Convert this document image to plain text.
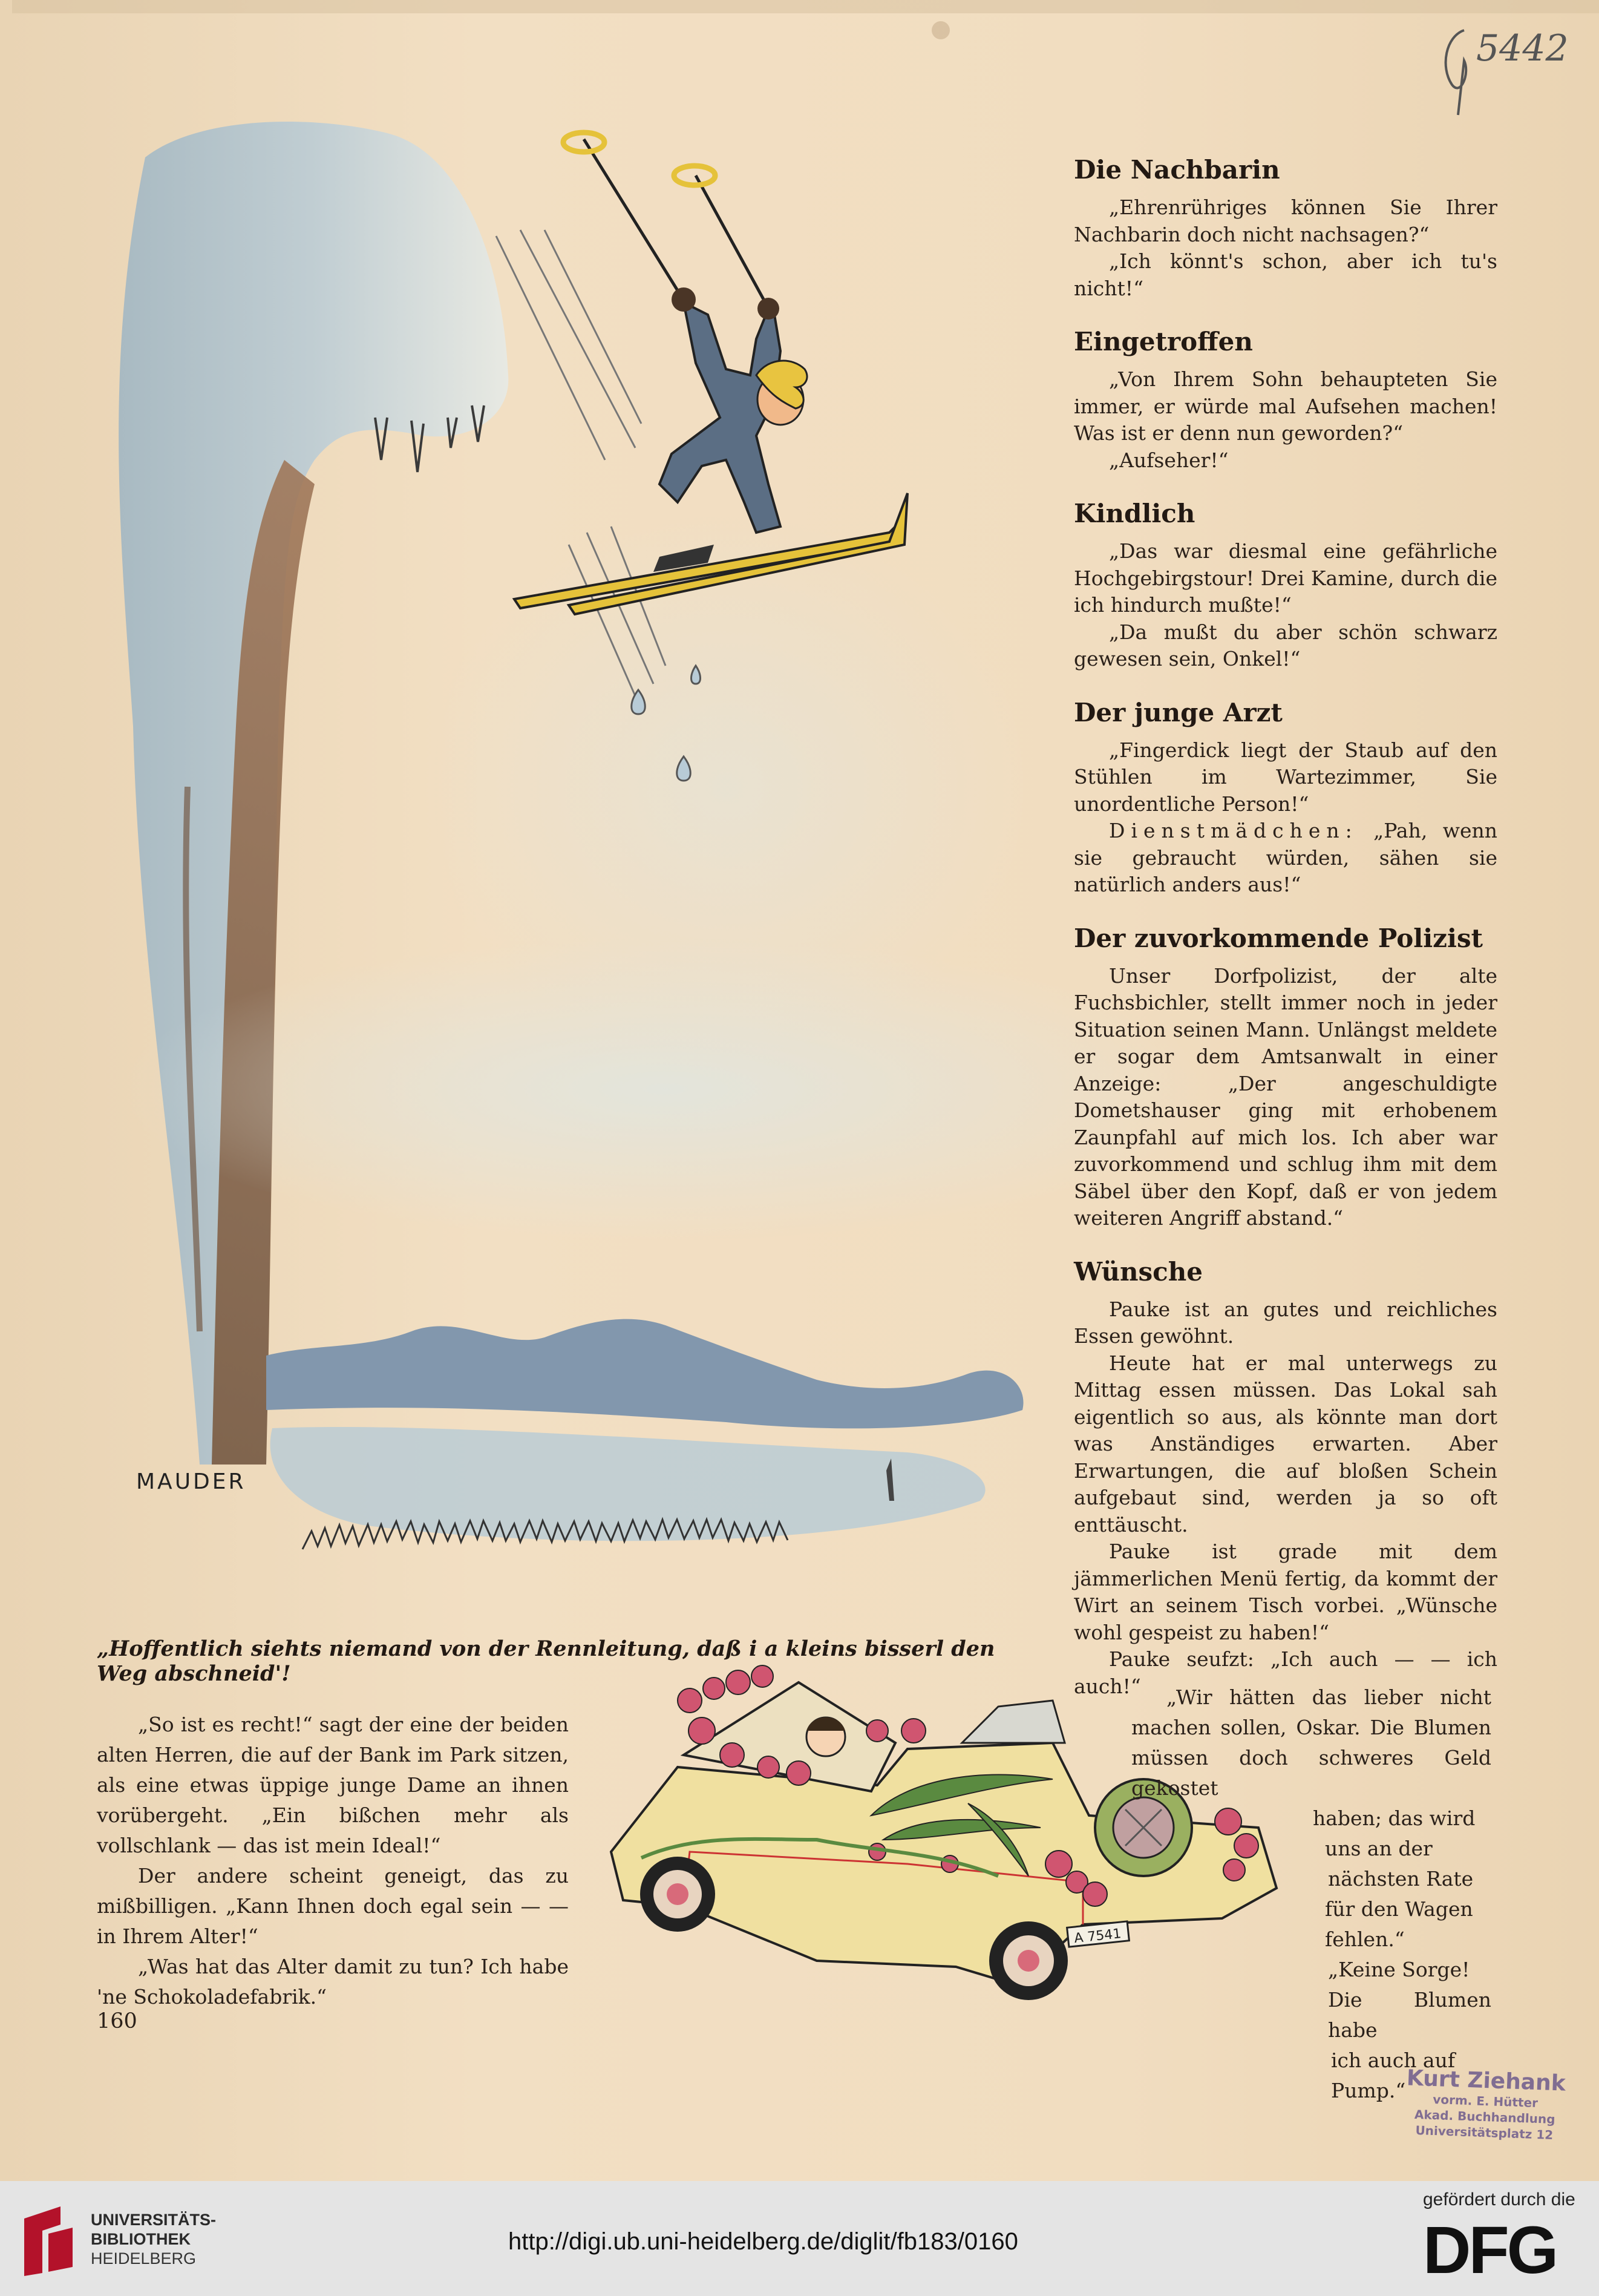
5442
MAUDER
Die Nachbarin

„Ehrenrühriges können Sie Ihrer Nachbarin doch nicht nachsagen?“

„Ich könnt's schon, aber ich tu's nicht!“

Eingetroffen

„Von Ihrem Sohn behaupteten Sie immer, er würde mal Aufsehen machen! Was ist er denn nun geworden?“

„Aufseher!“

Kindlich

„Das war diesmal eine gefährliche Hochgebirgstour! Drei Kamine, durch die ich hindurch mußte!“

„Da mußt du aber schön schwarz gewesen sein, Onkel!“

Der junge Arzt

„Fingerdick liegt der Staub auf den Stühlen im Wartezimmer, Sie unordentliche Person!“

Dienstmädchen: „Pah, wenn sie gebraucht würden, sähen sie natürlich anders aus!“

Der zuvorkommende Polizist

Unser Dorfpolizist, der alte Fuchsbichler, stellt immer noch in jeder Situation seinen Mann. Unlängst meldete er sogar dem Amtsanwalt in einer Anzeige: „Der angeschuldigte Dometshauser ging mit erhobenem Zaunpfahl auf mich los. Ich aber war zuvorkommend und schlug ihm mit dem Säbel über den Kopf, daß er von jedem weiteren Angriff abstand.“

Wünsche

Pauke ist an gutes und reichliches Essen gewöhnt.

Heute hat er mal unterwegs zu Mittag essen müssen. Das Lokal sah eigentlich so aus, als könnte man dort was Anständiges erwarten. Aber Erwartungen, die auf bloßen Schein aufgebaut sind, werden ja so oft enttäuscht.

Pauke ist grade mit dem jämmerlichen Menü fertig, da kommt der Wirt an seinem Tisch vorbei. „Wünsche wohl gespeist zu haben!“

Pauke seufzt: „Ich auch — — ich auch!“

„Hoffentlich siehts niemand von der Rennleitung, daß i a kleins bisserl den Weg abschneid'!

„So ist es recht!“ sagt der eine der beiden alten Herren, die auf der Bank im Park sitzen, als eine etwas üppige junge Dame an ihnen vorübergeht. „Ein bißchen mehr als vollschlank — das ist mein Ideal!“

Der andere scheint geneigt, das zu mißbilligen. „Kann Ihnen doch egal sein — — in Ihrem Alter!“

„Was hat das Alter damit zu tun? Ich habe 'ne Schokoladefabrik.“

160
A 7541

„Wir hätten das lieber nicht machen sollen, Oskar. Die Blumen müssen doch schweres Geld gekostet

haben; das wird

uns an der

nächsten Rate

für den Wagen

fehlen.“

„Keine Sorge!

Die Blumen habe

ich auch auf

Pump.“ Kurt Ziehank
vorm. E. Hütter
Akad. Buchhandlung
Universitätsplatz 12
UNIVERSITÄTS-
BIBLIOTHEK
HEIDELBERG
http://digi.ub.uni-heidelberg.de/diglit/fb183/0160
gefördert durch die
DFG
